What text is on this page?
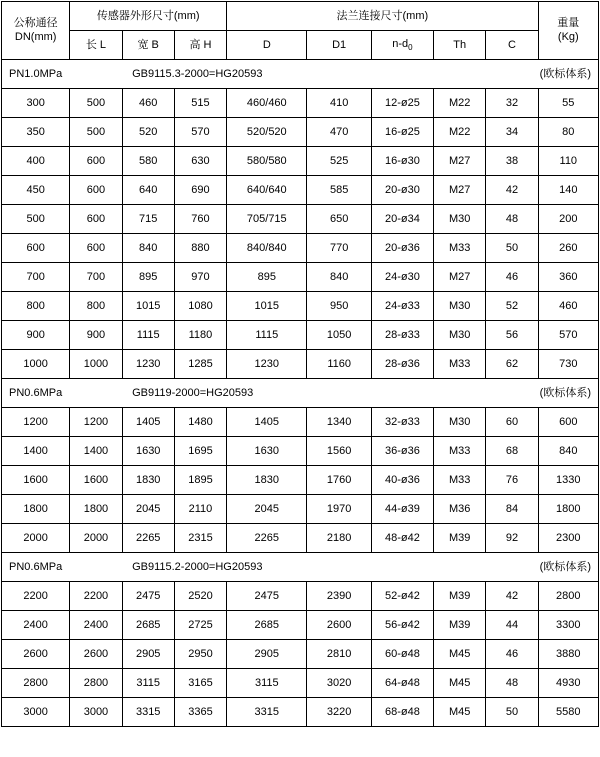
公称通径
DN(mm)	传感器外形尺寸(mm)			法兰连接尺寸(mm)					重量
(Kg)

	长 L	宽 B	高 H	D	D1	$n-d_0$	Th	C	
PN1.0MPa		GB9115.3-2000=HG20593				(欧标体系)			
300	500	460	515	460/460	410	12-ø25	M22	32	55
350	500	520	570	520/520	470	16-ø25	M22	34	80
400	600	580	630	580/580	525	16-ø30	M27	38	110
450	600	640	690	640/640	585	20-ø30	M27	42	140
500	600	715	760	705/715	650	20-ø34	M30	48	200
600	600	840	880	840/840	770	20-ø36	M33	50	260
700	700	895	970	895	840	24-ø30	M27	46	360
800	800	1015	1080	1015	950	24-ø33	M30	52	460
900	900	1115	1180	1115	1050	28-ø33	M30	56	570
1000	1000	1230	1285	1230	1160	28-ø36	M33	62	730
PN0.6MPa		GB9119-2000=HG20593				(欧标体系)			
1200	1200	1405	1480	1405	1340	32-ø33	M30	60	600
1400	1400	1630	1695	1630	1560	36-ø36	M33	68	840
1600	1600	1830	1895	1830	1760	40-ø36	M33	76	1330
1800	1800	2045	2110	2045	1970	44-ø39	M36	84	1800
2000	2000	2265	2315	2265	2180	48-ø42	M39	92	2300
PN0.6MPa		GB9115.2-2000=HG20593				(欧标体系)			
2200	2200	2475	2520	2475	2390	52-ø42	M39	42	2800
2400	2400	2685	2725	2685	2600	56-ø42	M39	44	3300
2600	2600	2905	2950	2905	2810	60-ø48	M45	46	3880
2800	2800	3115	3165	3115	3020	64-ø48	M45	48	4930
3000	3000	3315	3365	3315	3220	68-ø48	M45	50	5580
